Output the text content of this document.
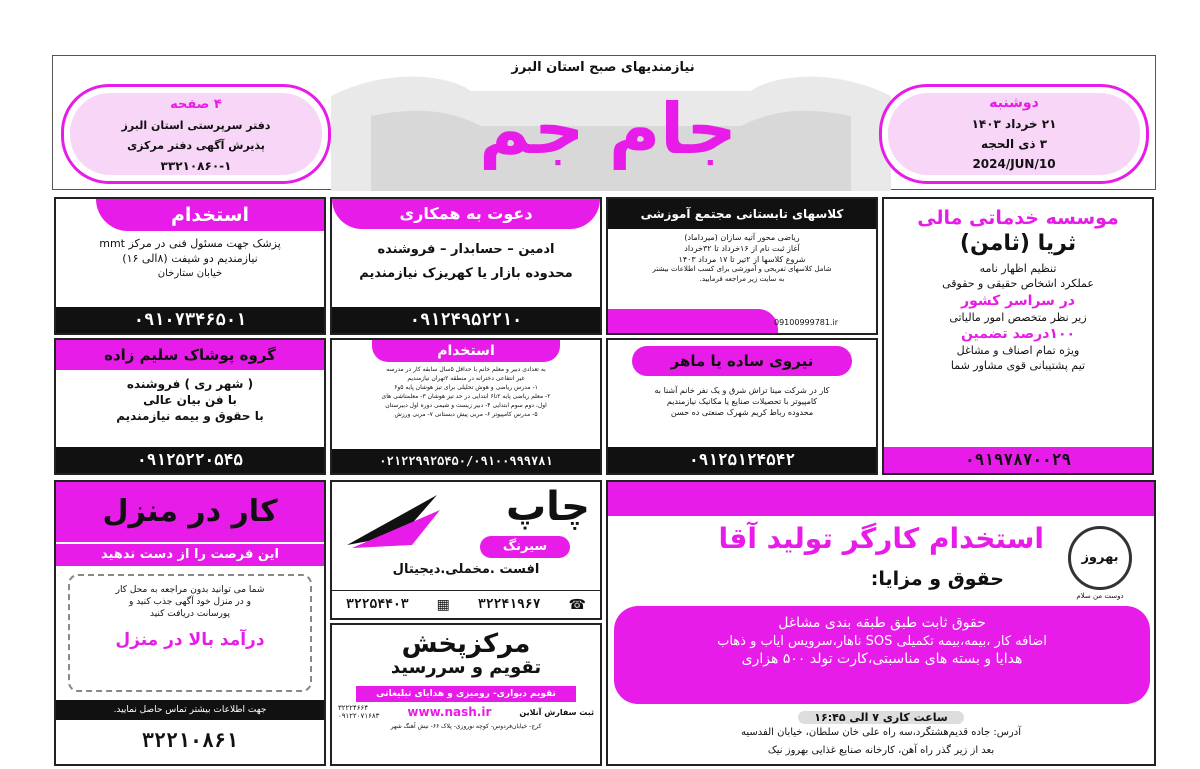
نیازمندیهای صبح استان البرز
جام جم
۴ صفحه
دفتر سرپرستی استان البرز
پذیرش آگهی دفتر مرکزی
۳۳۲۱۰۸۶۰-۱
دوشنبه
۲۱ خرداد ۱۴۰۳
۳ ذی الحجه
2024/JUN/10
استخدام
پزشک جهت مسئول فنی در مرکز mmt
نیازمندیم دو شیفت (۸الی ۱۶)
خیابان ستارخان
۰۹۱۰۷۳۴۶۵۰۱
دعوت به همکاری
ادمین – حسابدار – فروشنده
محدوده بازار یا کهریزک نیازمندیم
۰۹۱۲۴۹۵۲۲۱۰
کلاسهای تابستانی مجتمع آموزشی
ریاضی محور آتیه سازان (میرداماد)
آغاز ثبت نام از ۱۶خرداد تا ۳۲خرداد
شروع کلاسها از ۲تیر تا ۱۷ مرداد ۱۴۰۳
شامل کلاسهای تفریحی و آموزشی برای کسب اطلاعات بیشتر
به سایت زیر مراجعه فرمایید.
09100999781.ir
موسسه خدماتی مالی
ثریا (ثامن)
تنظیم اظهار نامه
عملکرد اشخاص حقیقی و حقوقی
در سراسر کشور
زیر نظر متخصص امور مالیاتی
۱۰۰درصد تضمین
ویژه تمام اصناف و مشاغل
تیم پشتیبانی قوی مشاور شما
۰۹۱۹۷۸۷۰۰۲۹
گروه پوشاک سلیم زاده
( شهر ری ) فروشنده
با فن بیان عالی
با حقوق و بیمه نیازمندیم
۰۹۱۲۵۲۲۰۵۴۵
استخدام
به تعدادی دبیر و معلم خانم با حداقل ۵سال سابقه کار در مدرسه
غیر انتفاعی دخترانه در منطقه ۲تهران نیازمندیم
۱- مدرس ریاضی و هوش تحلیلی برای تیز هوشان پایه ۵و۶
۲- معلم ریاضی پایه ۲تا۶ ابتدایی در حد تیز هوشان ۳- معلمتاشی های
اول، دوم سوم ابتدایی ۴- دبیر زیست و شیمی دوره اول دبیرستان
۵- مدرس کامپیوتر ۶- مربی پیش دبستانی ۷- مربی ورزش
۰۲۱۲۲۹۹۲۵۴۵۰/۰۹۱۰۰۹۹۹۷۸۱
نیروی ساده یا ماهر
کار در شرکت مینا تراش شرق و یک نفر خانم آشنا به
کامپیوتر با تحصیلات صنایع یا مکانیک نیازمندیم
محدوده رباط کریم شهرک صنعتی ده حسن
۰۹۱۲۵۱۲۴۵۴۲
کار در منزل
این فرصت را از دست ندهید
شما می توانید بدون مراجعه به محل کار
و در منزل خود آگهی جذب کنید و
پورسانت دریافت کنید
درآمد بالا در منزل
جهت اطلاعات بیشتر تماس حاصل نمایید.
۳۲۲۱۰۸۶۱
چاپ
سیرنگ
افست .مخملی.دیجیتال
☎
۳۲۲۴۱۹۶۷
▦
۳۲۲۵۴۴۰۳
مرکزپخش
تقویم و سررسید
تقویم دیواری- رومیزی و هدایای تبلیغاتی
ثبت سفارش آنلاین
www.nash.ir
۳۲۲۲۴۶۶۴
۰۹۱۲۲۰۷۱۶۸۳
کرج- خیابان‌فردوس- کوچه نوروزی- پلاک ۶۶- نیش آهنگ شهر
بهروز
دوست من سلام
استخدام کارگر تولید آقا
حقوق و مزایا:
حقوق ثابت طبق طبقه بندی مشاغل
اضافه کار ،بیمه،بیمه تکمیلی SOS ناهار،سرویس ایاب و ذهاب
هدایا و بسته های مناسبتی،کارت تولد ۵۰۰ هزاری
ساعت کاری ۷ الی ۱۶:۴۵
آدرس: جاده قدیم‌هشتگرد،سه راه علی خان سلطان، خیابان الفدسیه
بعد از زیر گذر راه آهن، کارخانه صنایع غذایی بهروز نیک
